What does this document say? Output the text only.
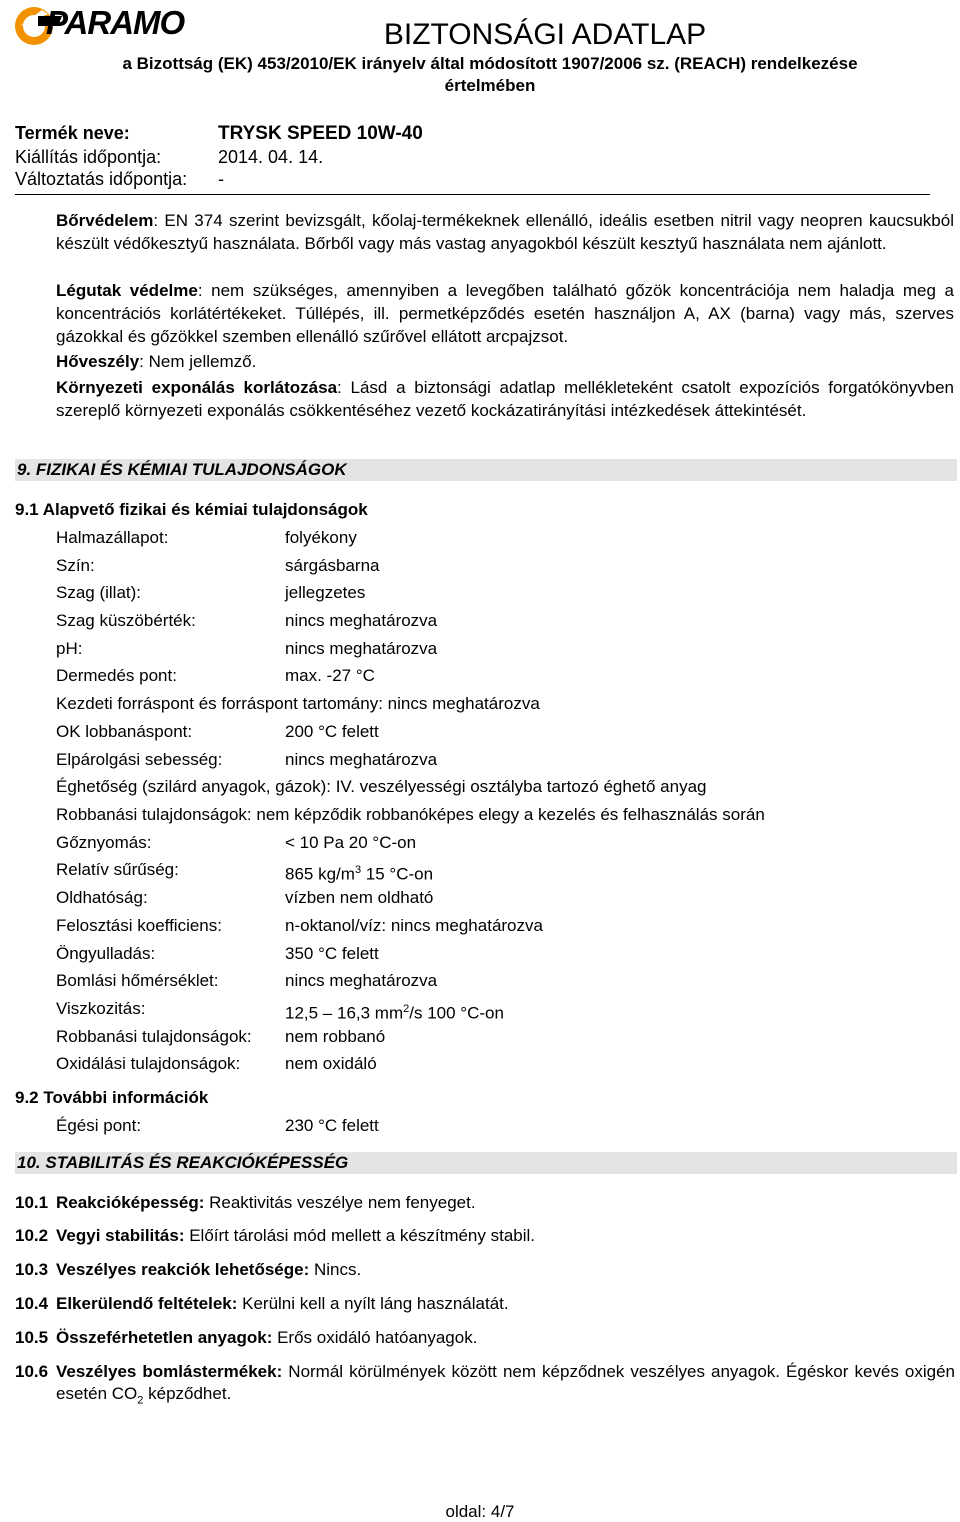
PARAMO	BIZTONSÁGI ADATLAP
a Bizottság (EK) 453/2010/EK irányelv által módosított 1907/2006 sz. (REACH) rendelkezése
értelmében
Termék neve:	TRYSK SPEED 10W-40
Kiállítás időpontja:	2014. 04. 14.
Változtatás időpontja: -
Bőrvédelem: EN 374 szerint bevizsgált, kőolaj-termékeknek ellenálló, ideális esetben nitril vagy neopren kaucsukból készült védőkesztyű használata. Bőrből vagy más vastag anyagokból készült kesztyű használata nem ajánlott.
Légutak védelme: nem szükséges, amennyiben a levegőben található gőzök koncentrációja nem haladja meg a koncentrációs korlátértékeket. Túllépés, ill. permetképződés esetén használjon A, AX (barna) vagy más, szerves gázokkal és gőzökkel szemben ellenálló szűrővel ellátott arcpajzsot.
Hőveszély: Nem jellemző.
Környezeti exponálás korlátozása: Lásd a biztonsági adatlap mellékleteként csatolt expozíciós forgatókönyvben szereplő környezeti exponálás csökkentéséhez vezető kockázatirányítási intézkedések áttekintését.
9. FIZIKAI ÉS KÉMIAI TULAJDONSÁGOK
9.1 Alapvető fizikai és kémiai tulajdonságok
Halmazállapot:	folyékony
Szín:	sárgásbarna
Szag (illat):	jellegzetes
Szag küszöbérték:	nincs meghatározva
pH:	nincs meghatározva
Dermedés pont:	max. -27 °C
Kezdeti forráspont és forráspont tartomány: nincs meghatározva
OK lobbanáspont:	200 °C felett
Elpárolgási sebesség:	nincs meghatározva
Éghetőség (szilárd anyagok, gázok): IV. veszélyességi osztályba tartozó éghető anyag
Robbanási tulajdonságok: nem képződik robbanóképes elegy a kezelés és felhasználás során
Gőznyomás:	< 10 Pa 20 °C-on
Relatív sűrűség:	865 $kg/m^3$ 15 °C-on
Oldhatóság:	vízben nem oldható
Felosztási koefficiens:	n-oktanol/víz: nincs meghatározva
Öngyulladás:	350 °C felett
Bomlási hőmérséklet:	nincs meghatározva
Viszkozitás:	12,5 – 16,3 $mm^2/s$ 100 °C-on
Robbanási tulajdonságok: nem robbanó
Oxidálási tulajdonságok:	nem oxidáló
9.2 További információk
Égési pont:	230 °C felett
10. STABILITÁS ÉS REAKCIÓKÉPESSÉG
10.1 Reakcióképesség: Reaktivitás veszélye nem fenyeget.
10.2 Vegyi stabilitás: Előírt tárolási mód mellett a készítmény stabil.
10.3 Veszélyes reakciók lehetősége: Nincs.
10.4 Elkerülendő feltételek: Kerülni kell a nyílt láng használatát.
10.5 Összeférhetetlen anyagok: Erős oxidáló hatóanyagok.
10.6 Veszélyes bomlástermékek: Normál körülmények között nem képződnek veszélyes anyagok. Égéskor kevés oxigén esetén $CO_2$ képződhet.
oldal: 4/7
